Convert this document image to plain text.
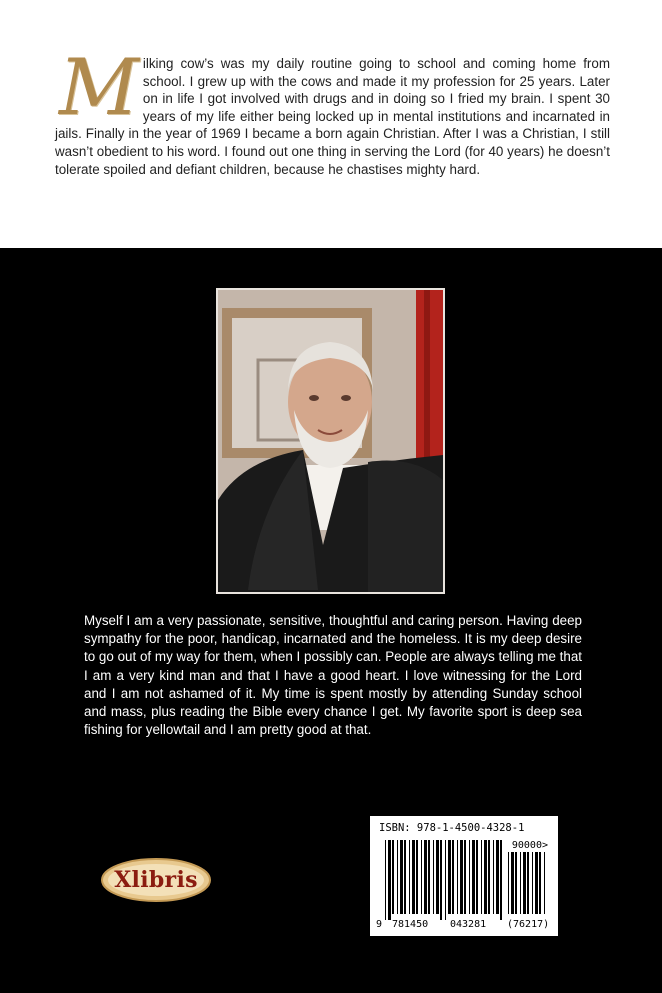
M ilking cow’s was my daily routine going to school and coming home from school. I grew up with the cows and made it my profession for 25 years. Later on in life I got involved with drugs and in doing so I fried my brain. I spent 30 years of my life either being locked up in mental institutions and incarnated in jails. Finally in the year of 1969 I became a born again Christian. After I was a Christian, I still wasn’t obedient to his word. I found out one thing in serving the Lord (for 40 years) he doesn’t tolerate spoiled and defiant children, because he chastises mighty hard.
Myself I am a very passionate, sensitive, thoughtful and caring person. Having deep sympathy for the poor, handicap, incarnated and the homeless. It is my deep desire to go out of my way for them, when I possibly can. People are always telling me that I am a very kind man and that I have a good heart. I love witnessing for the Lord and I am not ashamed of it. My time is spent mostly by attending Sunday school and mass, plus reading the Bible every chance I get. My favorite sport is deep sea fishing for yellowtail and I am pretty good at that.
Xlibris
ISBN: 978-1-4500-4328-1
90000>
9 781450 043281 (76217)
